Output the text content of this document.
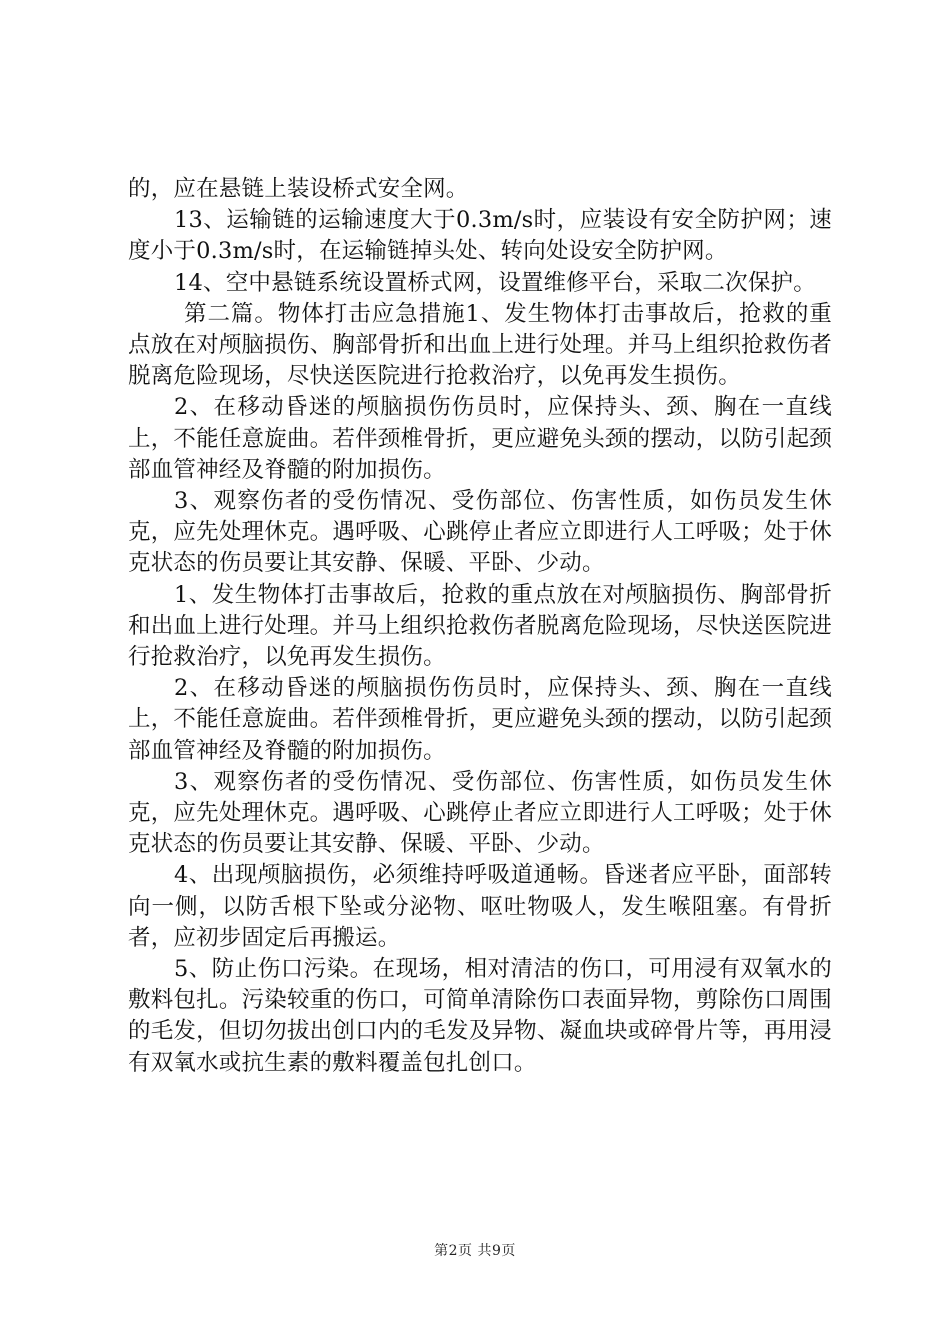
的，应在悬链上装设桥式安全网。

13、运输链的运输速度大于0.3m/s时，应装设有安全防护网；速度小于0.3m/s时，在运输链掉头处、转向处设安全防护网。

14、空中悬链系统设置桥式网，设置维修平台，采取二次保护。

第二篇。物体打击应急措施1、发生物体打击事故后，抢救的重点放在对颅脑损伤、胸部骨折和出血上进行处理。并马上组织抢救伤者脱离危险现场，尽快送医院进行抢救治疗，以免再发生损伤。

2、在移动昏迷的颅脑损伤伤员时，应保持头、颈、胸在一直线上，不能任意旋曲。若伴颈椎骨折，更应避免头颈的摆动，以防引起颈部血管神经及脊髓的附加损伤。

3、观察伤者的受伤情况、受伤部位、伤害性质，如伤员发生休克，应先处理休克。遇呼吸、心跳停止者应立即进行人工呼吸；处于休克状态的伤员要让其安静、保暖、平卧、少动。

1、发生物体打击事故后，抢救的重点放在对颅脑损伤、胸部骨折和出血上进行处理。并马上组织抢救伤者脱离危险现场，尽快送医院进行抢救治疗，以免再发生损伤。

2、在移动昏迷的颅脑损伤伤员时，应保持头、颈、胸在一直线上，不能任意旋曲。若伴颈椎骨折，更应避免头颈的摆动，以防引起颈部血管神经及脊髓的附加损伤。

3、观察伤者的受伤情况、受伤部位、伤害性质，如伤员发生休克，应先处理休克。遇呼吸、心跳停止者应立即进行人工呼吸；处于休克状态的伤员要让其安静、保暖、平卧、少动。

4、出现颅脑损伤，必须维持呼吸道通畅。昏迷者应平卧，面部转向一侧，以防舌根下坠或分泌物、呕吐物吸人，发生喉阻塞。有骨折者，应初步固定后再搬运。

5、防止伤口污染。在现场，相对清洁的伤口，可用浸有双氧水的敷料包扎。污染较重的伤口，可简单清除伤口表面异物，剪除伤口周围的毛发，但切勿拔出创口内的毛发及异物、凝血块或碎骨片等，再用浸有双氧水或抗生素的敷料覆盖包扎创口。

第2页 共9页
